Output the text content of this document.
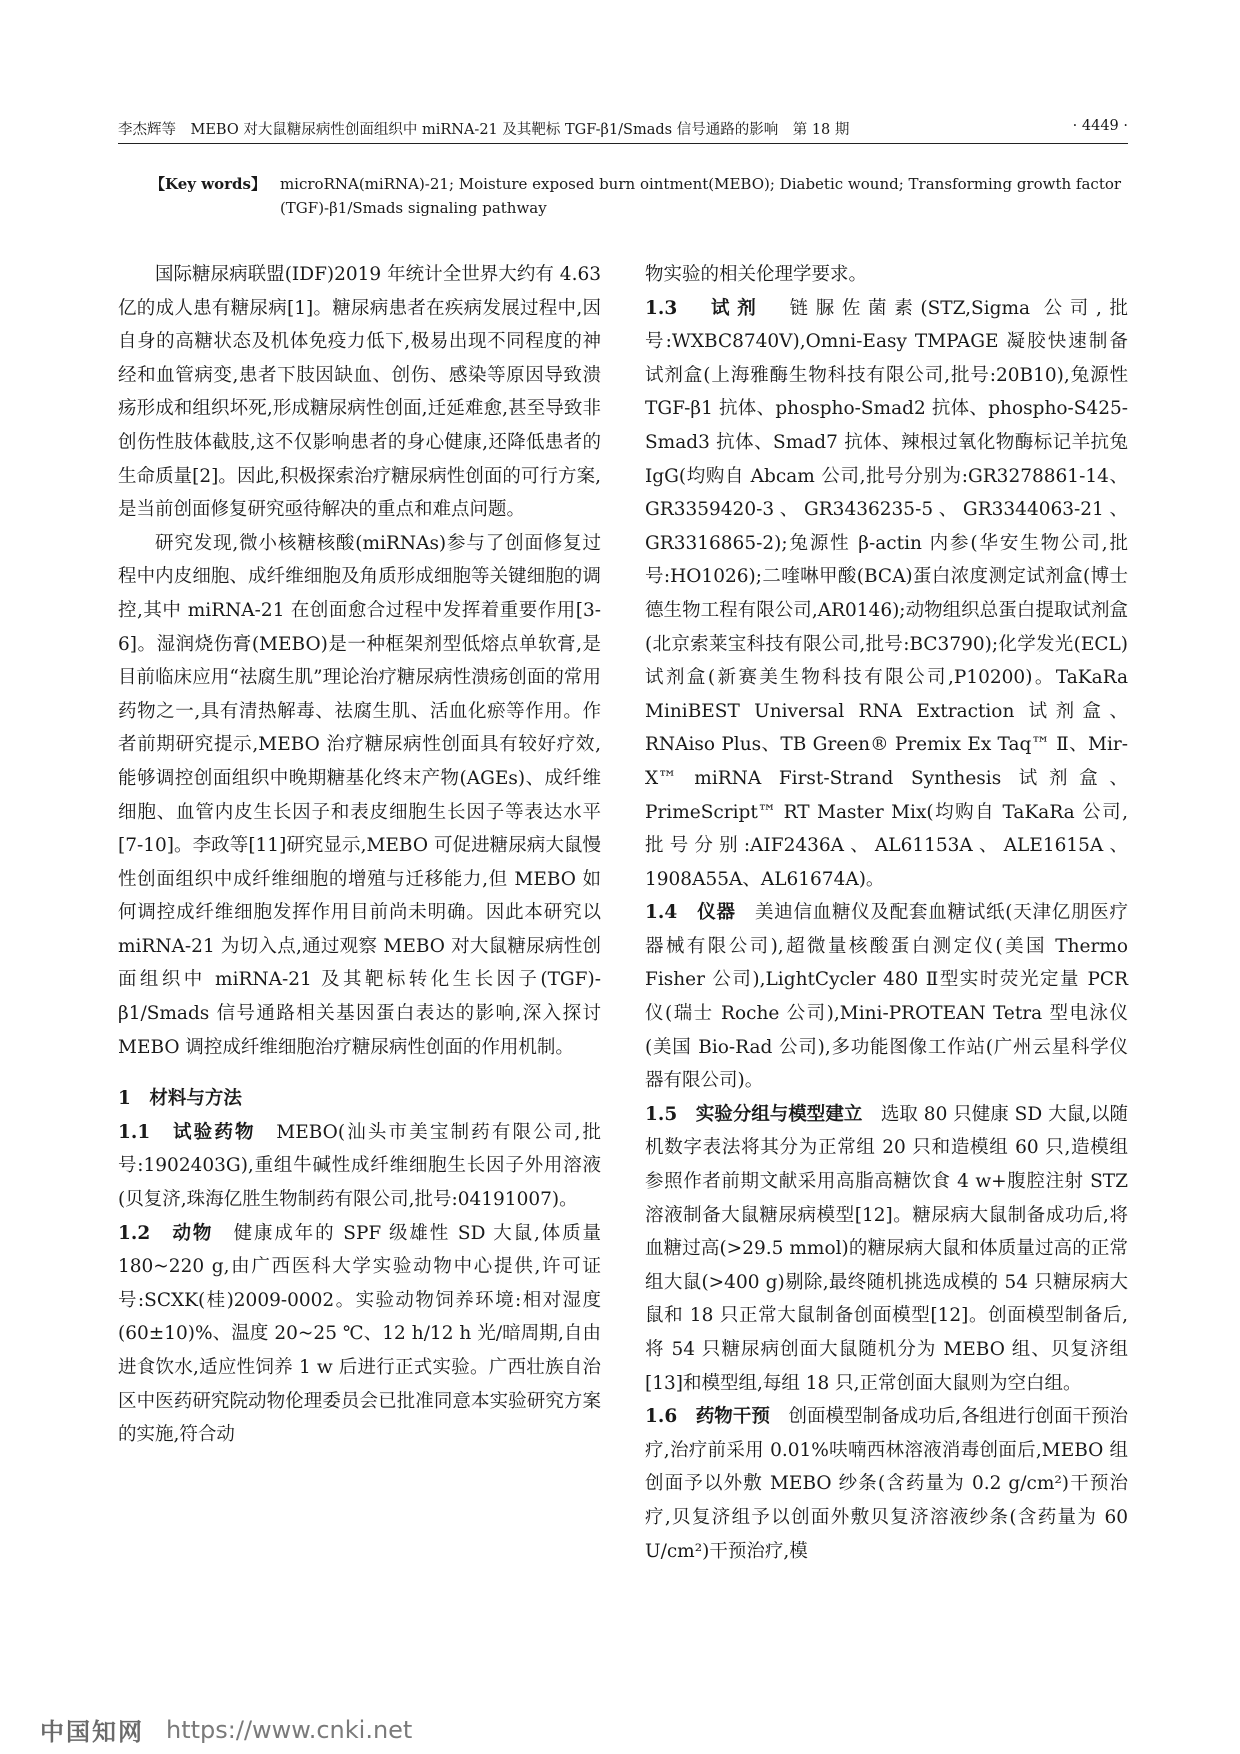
李杰辉等　MEBO 对大鼠糖尿病性创面组织中 miRNA-21 及其靶标 TGF-β1/Smads 信号通路的影响　第 18 期	· 4449 ·
【Key words】 microRNA(miRNA)-21; Moisture exposed burn ointment(MEBO); Diabetic wound; Transforming growth factor (TGF)-β1/Smads signaling pathway

国际糖尿病联盟(IDF)2019 年统计全世界大约有 4.63 亿的成人患有糖尿病[1]。糖尿病患者在疾病发展过程中,因自身的高糖状态及机体免疫力低下,极易出现不同程度的神经和血管病变,患者下肢因缺血、创伤、感染等原因导致溃疡形成和组织坏死,形成糖尿病性创面,迁延难愈,甚至导致非创伤性肢体截肢,这不仅影响患者的身心健康,还降低患者的生命质量[2]。因此,积极探索治疗糖尿病性创面的可行方案,是当前创面修复研究亟待解决的重点和难点问题。

研究发现,微小核糖核酸(miRNAs)参与了创面修复过程中内皮细胞、成纤维细胞及角质形成细胞等关键细胞的调控,其中 miRNA-21 在创面愈合过程中发挥着重要作用[3-6]。湿润烧伤膏(MEBO)是一种框架剂型低熔点单软膏,是目前临床应用“祛腐生肌”理论治疗糖尿病性溃疡创面的常用药物之一,具有清热解毒、祛腐生肌、活血化瘀等作用。作者前期研究提示,MEBO 治疗糖尿病性创面具有较好疗效,能够调控创面组织中晚期糖基化终末产物(AGEs)、成纤维细胞、血管内皮生长因子和表皮细胞生长因子等表达水平[7-10]。李政等[11]研究显示,MEBO 可促进糖尿病大鼠慢性创面组织中成纤维细胞的增殖与迁移能力,但 MEBO 如何调控成纤维细胞发挥作用目前尚未明确。因此本研究以 miRNA-21 为切入点,通过观察 MEBO 对大鼠糖尿病性创面组织中 miRNA-21 及其靶标转化生长因子(TGF)-β1/Smads 信号通路相关基因蛋白表达的影响,深入探讨 MEBO 调控成纤维细胞治疗糖尿病性创面的作用机制。

1　材料与方法

1.1　试验药物　MEBO(汕头市美宝制药有限公司,批号:1902403G),重组牛碱性成纤维细胞生长因子外用溶液(贝复济,珠海亿胜生物制药有限公司,批号:04191007)。

1.2　动物　健康成年的 SPF 级雄性 SD 大鼠,体质量 180~220 g,由广西医科大学实验动物中心提供,许可证号:SCXK(桂)2009-0002。实验动物饲养环境:相对湿度(60±10)%、温度 20~25 ℃、12 h/12 h 光/暗周期,自由进食饮水,适应性饲养 1 w 后进行正式实验。广西壮族自治区中医药研究院动物伦理委员会已批准同意本实验研究方案的实施,符合动

物实验的相关伦理学要求。

1.3　试剂　链脲佐菌素(STZ,Sigma 公司,批号:WXBC8740V),Omni-Easy TMPAGE 凝胶快速制备试剂盒(上海雅酶生物科技有限公司,批号:20B10),兔源性 TGF-β1 抗体、phospho-Smad2 抗体、phospho-S425-Smad3 抗体、Smad7 抗体、辣根过氧化物酶标记羊抗兔 IgG(均购自 Abcam 公司,批号分别为:GR3278861-14、GR3359420-3、GR3436235-5、GR3344063-21、GR3316865-2);兔源性 β-actin 内参(华安生物公司,批号:HO1026);二喹啉甲酸(BCA)蛋白浓度测定试剂盒(博士德生物工程有限公司,AR0146);动物组织总蛋白提取试剂盒(北京索莱宝科技有限公司,批号:BC3790);化学发光(ECL)试剂盒(新赛美生物科技有限公司,P10200)。TaKaRa MiniBEST Universal RNA Extraction 试剂盒、RNAiso Plus、TB Green® Premix Ex Taq™ Ⅱ、Mir-X™ miRNA First-Strand Synthesis 试剂盒、PrimeScript™ RT Master Mix(均购自 TaKaRa 公司,批号分别:AIF2436A、AL61153A、ALE1615A、1908A55A、AL61674A)。

1.4　仪器　美迪信血糖仪及配套血糖试纸(天津亿朋医疗器械有限公司),超微量核酸蛋白测定仪(美国 Thermo Fisher 公司),LightCycler 480 Ⅱ型实时荧光定量 PCR 仪(瑞士 Roche 公司),Mini-PROTEAN Tetra 型电泳仪(美国 Bio-Rad 公司),多功能图像工作站(广州云星科学仪器有限公司)。

1.5　实验分组与模型建立　选取 80 只健康 SD 大鼠,以随机数字表法将其分为正常组 20 只和造模组 60 只,造模组参照作者前期文献采用高脂高糖饮食 4 w+腹腔注射 STZ 溶液制备大鼠糖尿病模型[12]。糖尿病大鼠制备成功后,将血糖过高(>29.5 mmol)的糖尿病大鼠和体质量过高的正常组大鼠(>400 g)剔除,最终随机挑选成模的 54 只糖尿病大鼠和 18 只正常大鼠制备创面模型[12]。创面模型制备后,将 54 只糖尿病创面大鼠随机分为 MEBO 组、贝复济组[13]和模型组,每组 18 只,正常创面大鼠则为空白组。

1.6　药物干预　创面模型制备成功后,各组进行创面干预治疗,治疗前采用 0.01%呋喃西林溶液消毒创面后,MEBO 组创面予以外敷 MEBO 纱条(含药量为 0.2 g/cm²)干预治疗,贝复济组予以创面外敷贝复济溶液纱条(含药量为 60 U/cm²)干预治疗,模

中国知网 https://www.cnki.net
